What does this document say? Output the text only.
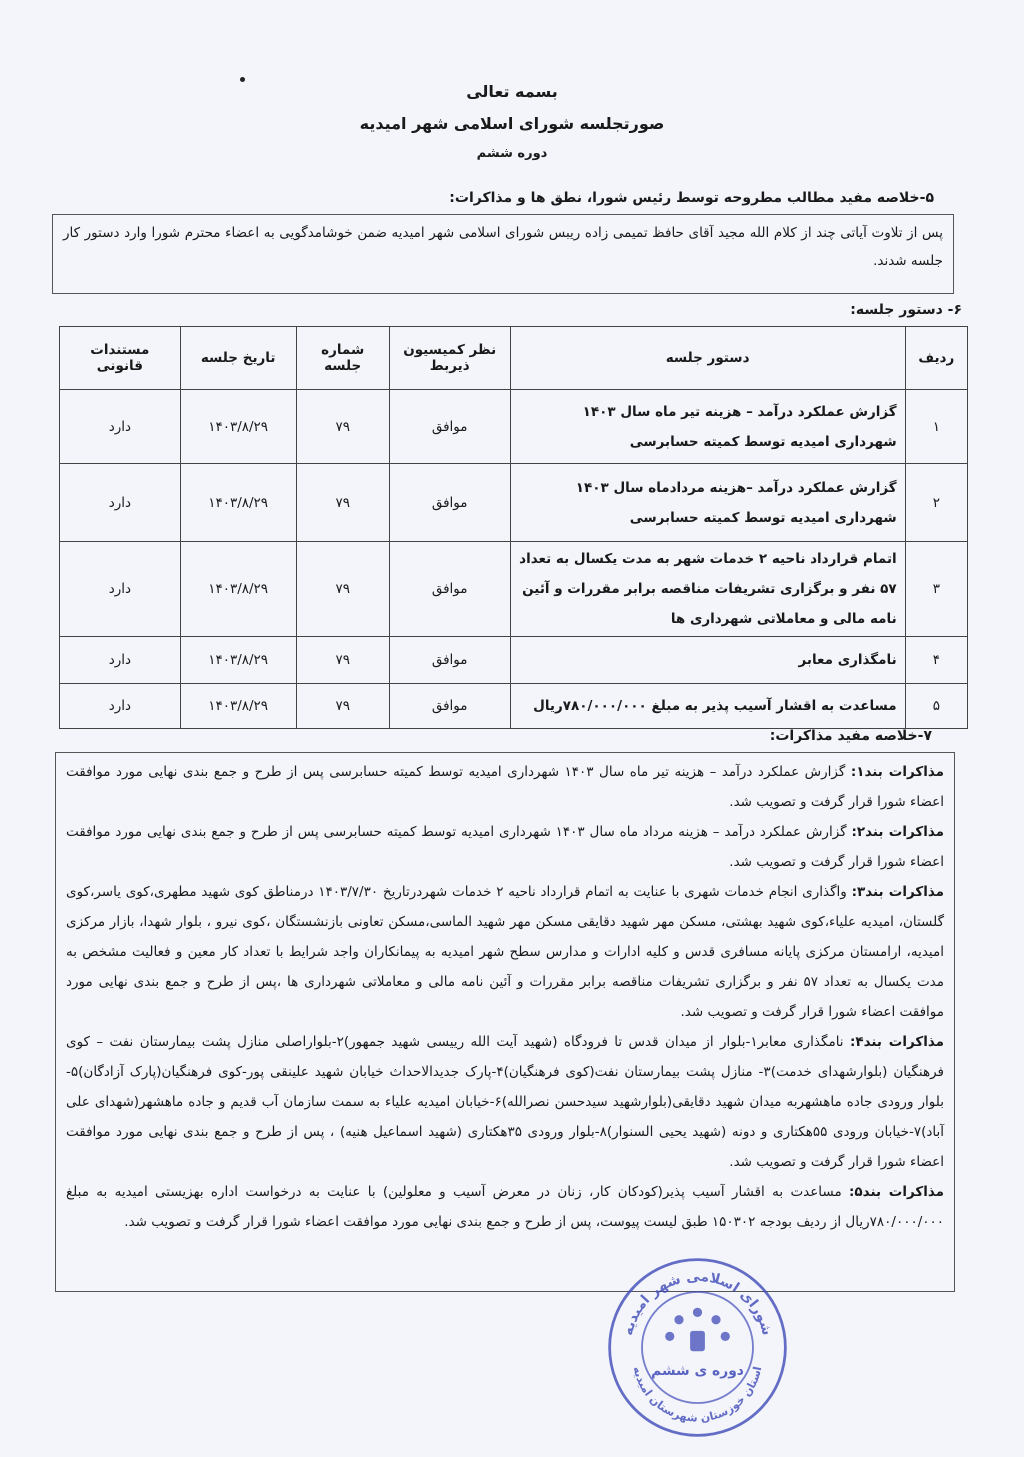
بسمه تعالی
صورتجلسه شورای اسلامی شهر امیدیه
دوره ششم
۵-خلاصه مفید مطالب مطروحه توسط رئیس شورا، نطق ها و مذاکرات:
پس از تلاوت آیاتی چند از کلام الله مجید آقای حافظ تمیمی زاده ریبس شورای اسلامی شهر امیدیه ضمن خوشامدگویی به اعضاء محترم شورا وارد دستور کار جلسه شدند.
۶- دستور جلسه:
ردیف	دستور جلسه	نظر کمیسیون ذیربط	شماره جلسه	تاریخ جلسه	مستندات قانونی
۱	گزارش عملکرد درآمد – هزینه تیر ماه سال ۱۴۰۳ شهرداری امیدیه توسط کمیته حسابرسی	موافق	۷۹	۱۴۰۳/۸/۲۹	دارد
۲	گزارش عملکرد درآمد –هزینه مردادماه سال ۱۴۰۳ شهرداری امیدیه توسط کمیته حسابرسی	موافق	۷۹	۱۴۰۳/۸/۲۹	دارد
۳	اتمام قرارداد ناحیه ۲ خدمات شهر به مدت یکسال به تعداد ۵۷ نفر و برگزاری تشریفات مناقصه برابر مقررات و آئین نامه مالی و معاملاتی شهرداری ها	موافق	۷۹	۱۴۰۳/۸/۲۹	دارد
۴	نامگذاری معابر	موافق	۷۹	۱۴۰۳/۸/۲۹	دارد
۵	مساعدت به اقشار آسیب پذیر به مبلغ ۷۸۰/۰۰۰/۰۰۰ریال	موافق	۷۹	۱۴۰۳/۸/۲۹	دارد
۷-خلاصه مفید مذاکرات:

مذاکرات بند۱: گزارش عملکرد درآمد – هزینه تیر ماه سال ۱۴۰۳ شهرداری امیدیه توسط کمیته حسابرسی پس از طرح و جمع بندی نهایی مورد موافقت اعضاء شورا قرار گرفت و تصویب شد.

مذاکرات بند۲: گزارش عملکرد درآمد – هزینه مرداد ماه سال ۱۴۰۳ شهرداری امیدیه توسط کمیته حسابرسی پس از طرح و جمع بندی نهایی مورد موافقت اعضاء شورا قرار گرفت و تصویب شد.

مذاکرات بند۳: واگذاری انجام خدمات شهری با عنایت به اتمام قرارداد ناحیه ۲ خدمات شهردرتاریخ ۱۴۰۳/۷/۳۰ درمناطق کوی شهید مطهری،کوی یاسر،کوی گلستان، امیدیه علیاء،کوی شهید بهشتی، مسکن مهر شهید دقایقی مسکن مهر شهید الماسی،مسکن تعاونی بازنشستگان ،کوی نیرو ، بلوار شهدا، بازار مرکزی امیدیه، ارامستان مرکزی پایانه مسافری قدس و کلیه ادارات و مدارس سطح شهر امیدیه به پیمانکاران واجد شرایط با تعداد کار معین و فعالیت مشخص به مدت یکسال به تعداد ۵۷ نفر و برگزاری تشریفات مناقصه برابر مقررات و آئین نامه مالی و معاملاتی شهرداری ها ،پس از طرح و جمع بندی نهایی مورد موافقت اعضاء شورا قرار گرفت و تصویب شد.

مذاکرات بند۴: نامگذاری معابر۱-بلوار از میدان قدس تا فرودگاه (شهید آیت الله رییسی شهید جمهور)۲-بلواراصلی منازل پشت بیمارستان نفت – کوی فرهنگیان (بلوارشهدای خدمت)۳- منازل پشت بیمارستان نفت(کوی فرهنگیان)۴-پارک جدیدالاحداث خیابان شهید علینقی پور-کوی فرهنگیان(پارک آزادگان)۵-بلوار ورودی جاده ماهشهربه میدان شهید دقایقی(بلوارشهید سیدحسن نصرالله)۶-خیابان امیدیه علیاء به سمت سازمان آب قدیم و جاده ماهشهر(شهدای علی آباد)۷-خیابان ورودی ۵۵هکتاری و دونه (شهید یحیی السنوار)۸-بلوار ورودی ۳۵هکتاری (شهید اسماعیل هنیه) ، پس از طرح و جمع بندی نهایی مورد موافقت اعضاء شورا قرار گرفت و تصویب شد.

مذاکرات بند۵: مساعدت به اقشار آسیب پذیر(کودکان کار، زنان در معرض آسیب و معلولین) با عنایت به درخواست اداره بهزیستی امیدیه به مبلغ ۷۸۰/۰۰۰/۰۰۰ریال از ردیف بودجه ۱۵۰۳۰۲ طبق لیست پیوست، پس از طرح و جمع بندی نهایی مورد موافقت اعضاء شورا قرار گرفت و تصویب شد.

شورای اسلامی شهر امیدیه
استان خوزستان شهرستان امیدیه
دوره ی ششم
